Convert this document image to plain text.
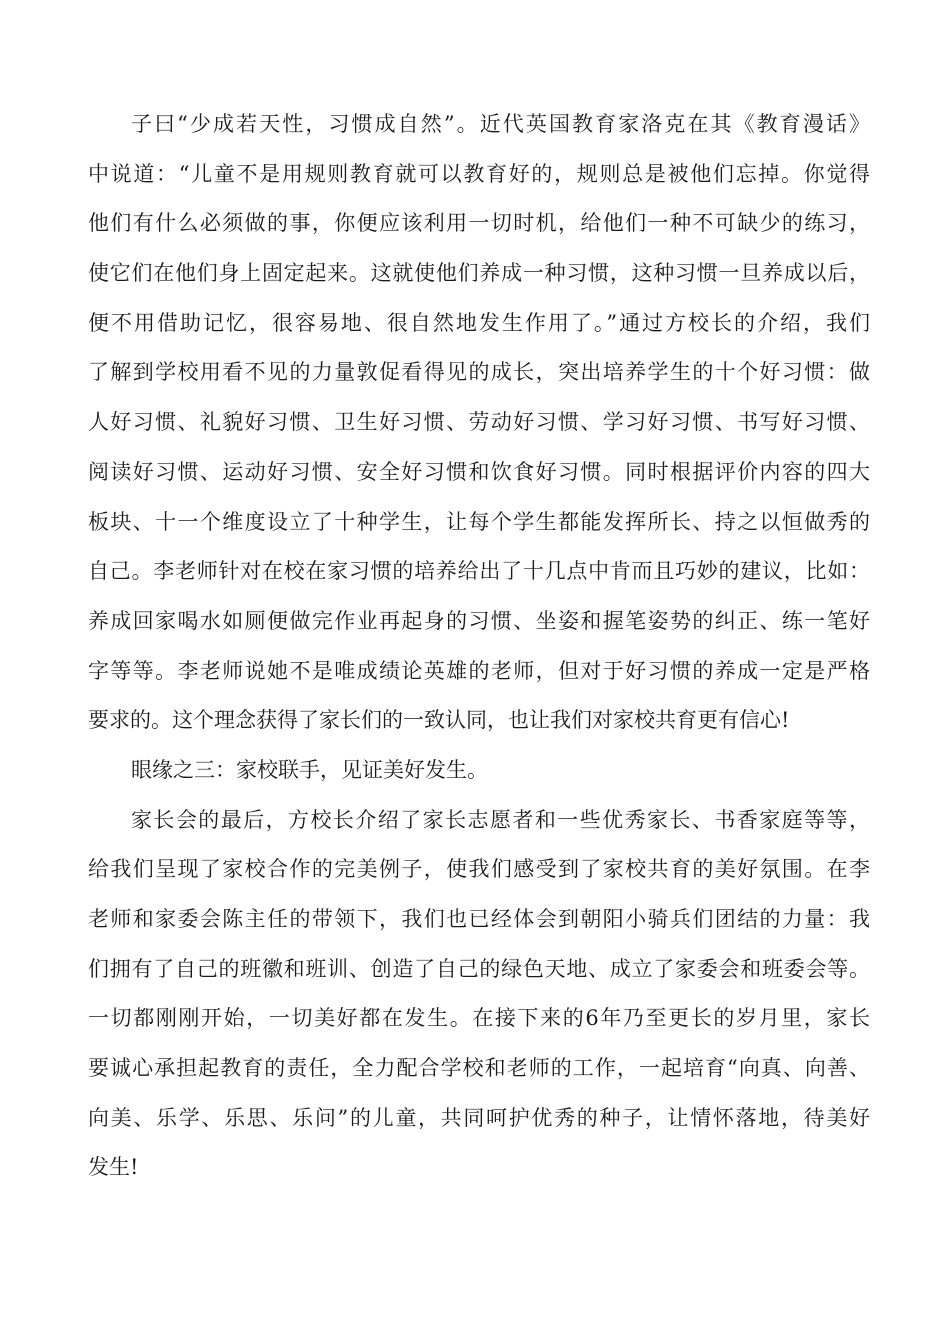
子曰“少成若天性，习惯成自然”。近代英国教育家洛克在其《教育漫话》
中说道：“儿童不是用规则教育就可以教育好的，规则总是被他们忘掉。你觉得
他们有什么必须做的事，你便应该利用一切时机，给他们一种不可缺少的练习，
使它们在他们身上固定起来。这就使他们养成一种习惯，这种习惯一旦养成以后，
便不用借助记忆，很容易地、很自然地发生作用了。”通过方校长的介绍，我们
了解到学校用看不见的力量敦促看得见的成长，突出培养学生的十个好习惯：做
人好习惯、礼貌好习惯、卫生好习惯、劳动好习惯、学习好习惯、书写好习惯、
阅读好习惯、运动好习惯、安全好习惯和饮食好习惯。同时根据评价内容的四大
板块、十一个维度设立了十种学生，让每个学生都能发挥所长、持之以恒做秀的
自己。李老师针对在校在家习惯的培养给出了十几点中肯而且巧妙的建议，比如：
养成回家喝水如厕便做完作业再起身的习惯、坐姿和握笔姿势的纠正、练一笔好
字等等。李老师说她不是唯成绩论英雄的老师，但对于好习惯的养成一定是严格
要求的。这个理念获得了家长们的一致认同，也让我们对家校共育更有信心!
眼缘之三：家校联手，见证美好发生。
家长会的最后，方校长介绍了家长志愿者和一些优秀家长、书香家庭等等，
给我们呈现了家校合作的完美例子，使我们感受到了家校共育的美好氛围。在李
老师和家委会陈主任的带领下，我们也已经体会到朝阳小骑兵们团结的力量：我
们拥有了自己的班徽和班训、创造了自己的绿色天地、成立了家委会和班委会等。
一切都刚刚开始，一切美好都在发生。在接下来的6年乃至更长的岁月里，家长
要诚心承担起教育的责任，全力配合学校和老师的工作，一起培育“向真、向善、
向美、乐学、乐思、乐问”的儿童，共同呵护优秀的种子，让情怀落地，待美好
发生!
